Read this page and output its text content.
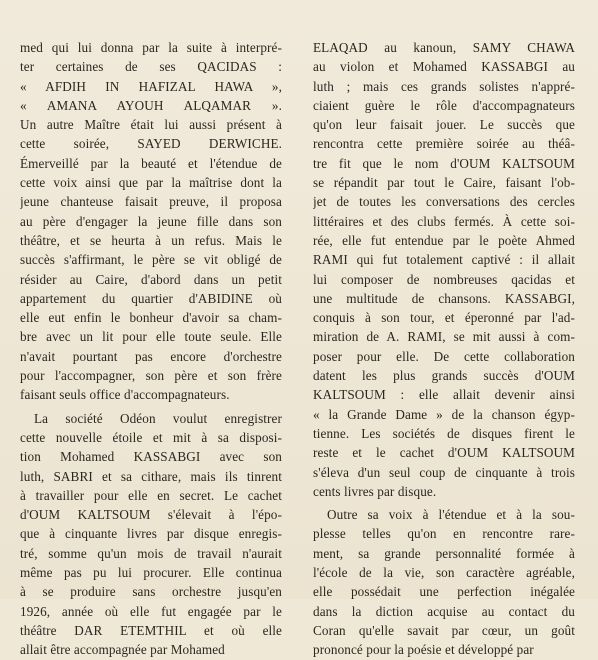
med qui lui donna par la suite à interpré-
ter certaines de ses QACIDAS :
« AFDIH IN HAFIZAL HAWA »,
« AMANA AYOUH ALQAMAR ».
Un autre Maître était lui aussi présent à
cette soirée, SAYED DERWICHE.
Émerveillé par la beauté et l'étendue de
cette voix ainsi que par la maîtrise dont la
jeune chanteuse faisait preuve, il proposa
au père d'engager la jeune fille dans son
théâtre, et se heurta à un refus. Mais le
succès s'affirmant, le père se vit obligé de
résider au Caire, d'abord dans un petit
appartement du quartier d'ABIDINE où
elle eut enfin le bonheur d'avoir sa cham-
bre avec un lit pour elle toute seule. Elle
n'avait pourtant pas encore d'orchestre
pour l'accompagner, son père et son frère
faisant seuls office d'accompagnateurs.
La société Odéon voulut enregistrer
cette nouvelle étoile et mit à sa disposi-
tion Mohamed KASSABGI avec son
luth, SABRI et sa cithare, mais ils tinrent
à travailler pour elle en secret. Le cachet
d'OUM KALTSOUM s'élevait à l'épo-
que à cinquante livres par disque enregis-
tré, somme qu'un mois de travail n'aurait
même pas pu lui procurer. Elle continua
à se produire sans orchestre jusqu'en
1926, année où elle fut engagée par le
théâtre DAR ETEMTHIL et où elle
allait être accompagnée par Mohamed
ELAQAD au kanoun, SAMY CHAWA
au violon et Mohamed KASSABGI au
luth ; mais ces grands solistes n'appré-
ciaient guère le rôle d'accompagnateurs
qu'on leur faisait jouer. Le succès que
rencontra cette première soirée au théâ-
tre fit que le nom d'OUM KALTSOUM
se répandit par tout le Caire, faisant l'ob-
jet de toutes les conversations des cercles
littéraires et des clubs fermés. À cette soi-
rée, elle fut entendue par le poète Ahmed
RAMI qui fut totalement captivé : il allait
lui composer de nombreuses qacidas et
une multitude de chansons. KASSABGI,
conquis à son tour, et éperonné par l'ad-
miration de A. RAMI, se mit aussi à com-
poser pour elle. De cette collaboration
datent les plus grands succès d'OUM
KALTSOUM : elle allait devenir ainsi
« la Grande Dame » de la chanson égyp-
tienne. Les sociétés de disques firent le
reste et le cachet d'OUM KALTSOUM
s'éleva d'un seul coup de cinquante à trois
cents livres par disque.
Outre sa voix à l'étendue et à la sou-
plesse telles qu'on en rencontre rare-
ment, sa grande personnalité formée à
l'école de la vie, son caractère agréable,
elle possédait une perfection inégalée
dans la diction acquise au contact du
Coran qu'elle savait par cœur, un goût
prononcé pour la poésie et développé par
